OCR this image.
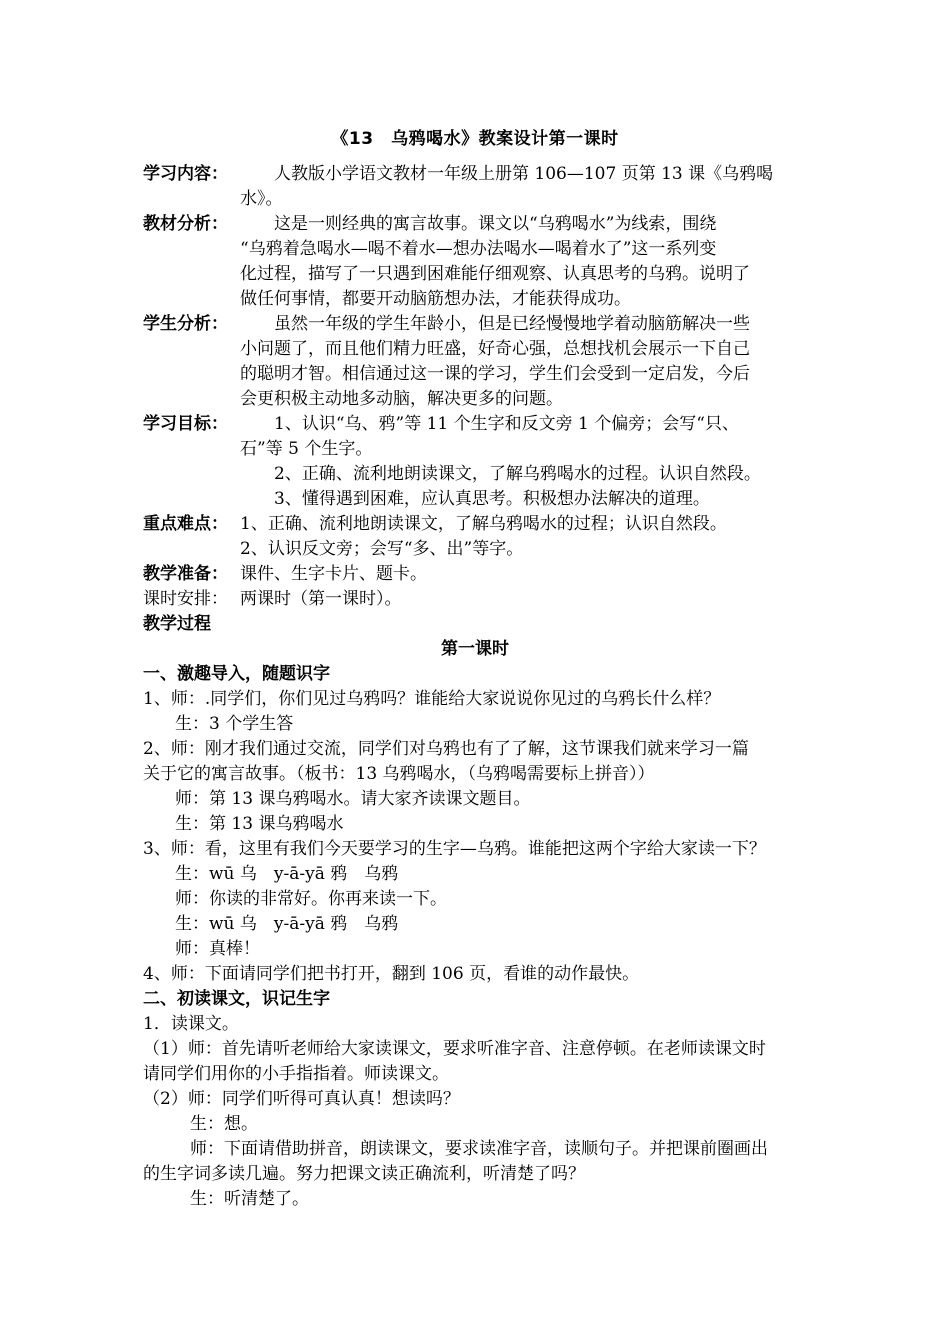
《13　乌鸦喝水》教案设计第一课时
学习内容：	人教版小学语文教材一年级上册第 106—107 页第 13 课《乌鸦喝
水》。
教材分析：	这是一则经典的寓言故事。课文以“乌鸦喝水”为线索，围绕
“乌鸦着急喝水—喝不着水—想办法喝水—喝着水了”这一系列变
化过程，描写了一只遇到困难能仔细观察、认真思考的乌鸦。说明了
做任何事情，都要开动脑筋想办法，才能获得成功。
学生分析：	虽然一年级的学生年龄小，但是已经慢慢地学着动脑筋解决一些
小问题了，而且他们精力旺盛，好奇心强，总想找机会展示一下自己
的聪明才智。相信通过这一课的学习，学生们会受到一定启发，今后
会更积极主动地多动脑，解决更多的问题。
学习目标：	1、认识“乌、鸦”等 11 个生字和反文旁 1 个偏旁；会写“只、
石”等 5 个生字。
2、正确、流利地朗读课文，了解乌鸦喝水的过程。认识自然段。
3、懂得遇到困难，应认真思考。积极想办法解决的道理。
重点难点： 1、正确、流利地朗读课文，了解乌鸦喝水的过程；认识自然段。
2、认识反文旁；会写“多、出”等字。
教学准备： 课件、生字卡片、题卡。
课时安排： 两课时（第一课时）。
教学过程
第一课时
一、激趣导入，随题识字
1、师：.同学们，你们见过乌鸦吗？谁能给大家说说你见过的乌鸦长什么样？
生：3 个学生答
2、师：刚才我们通过交流，同学们对乌鸦也有了了解，这节课我们就来学习一篇
关于它的寓言故事。（板书：13 乌鸦喝水，（乌鸦喝需要标上拼音））
师：第 13 课乌鸦喝水。请大家齐读课文题目。
生：第 13 课乌鸦喝水
3、师：看，这里有我们今天要学习的生字—乌鸦。谁能把这两个字给大家读一下？
生：wū 乌　y-ā-yā 鸦　乌鸦
师：你读的非常好。你再来读一下。
生：wū 乌　y-ā-yā 鸦　乌鸦
师：真棒！
4、师：下面请同学们把书打开，翻到 106 页，看谁的动作最快。
二、初读课文，识记生字
1．读课文。
（1）师：首先请听老师给大家读课文，要求听准字音、注意停顿。在老师读课文时
请同学们用你的小手指指着。师读课文。
（2）师：同学们听得可真认真！想读吗？
生：想。
师：下面请借助拼音，朗读课文，要求读准字音，读顺句子。并把课前圈画出
的生字词多读几遍。努力把课文读正确流利，听清楚了吗？
生：听清楚了。
